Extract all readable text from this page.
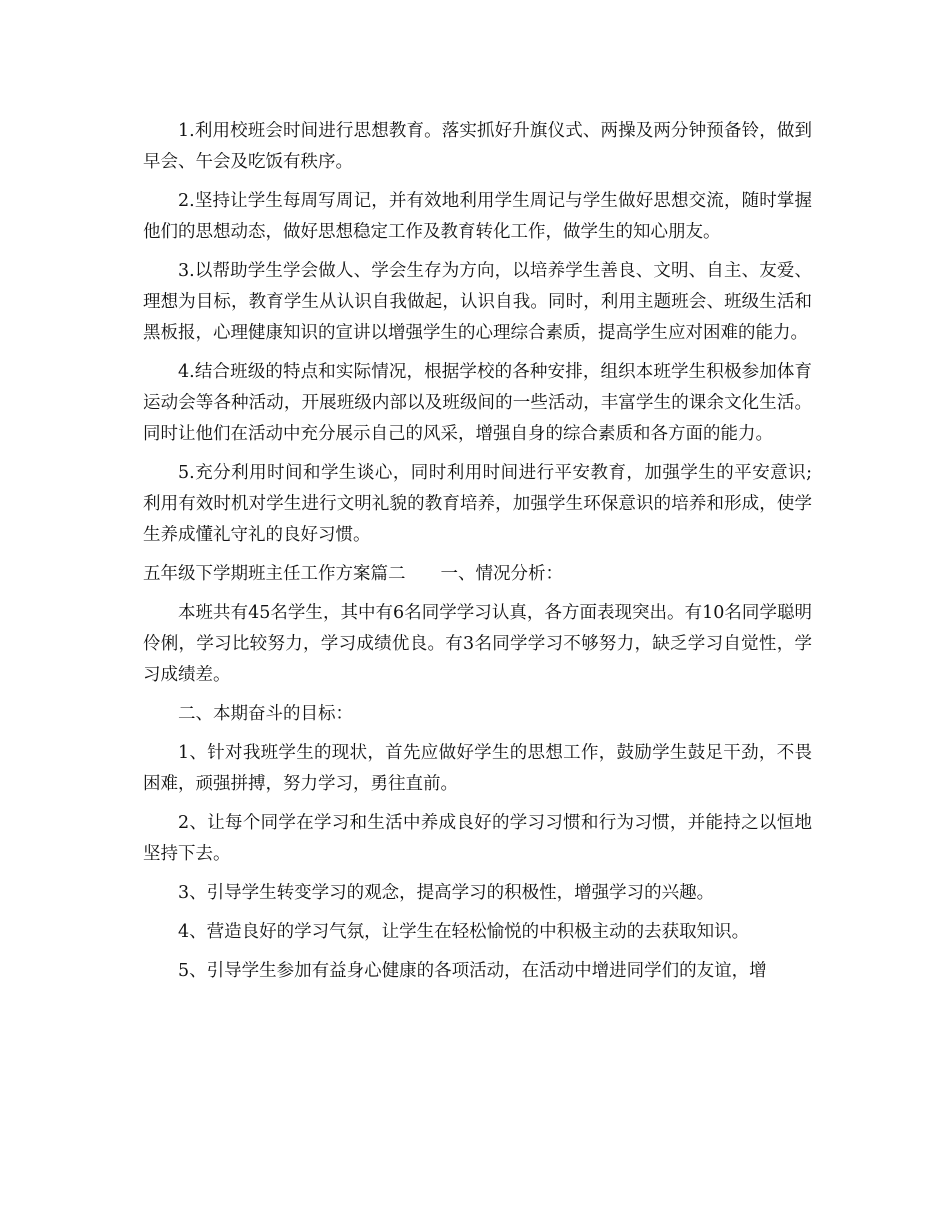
1.利用校班会时间进行思想教育。落实抓好升旗仪式、两操及两分钟预备铃，做到早会、午会及吃饭有秩序。

2.坚持让学生每周写周记，并有效地利用学生周记与学生做好思想交流，随时掌握他们的思想动态，做好思想稳定工作及教育转化工作，做学生的知心朋友。

3.以帮助学生学会做人、学会生存为方向，以培养学生善良、文明、自主、友爱、理想为目标，教育学生从认识自我做起，认识自我。同时，利用主题班会、班级生活和黑板报，心理健康知识的宣讲以增强学生的心理综合素质，提高学生应对困难的能力。

4.结合班级的特点和实际情况，根据学校的各种安排，组织本班学生积极参加体育运动会等各种活动，开展班级内部以及班级间的一些活动，丰富学生的课余文化生活。同时让他们在活动中充分展示自己的风采，增强自身的综合素质和各方面的能力。

5.充分利用时间和学生谈心，同时利用时间进行平安教育，加强学生的平安意识;利用有效时机对学生进行文明礼貌的教育培养，加强学生环保意识的培养和形成，使学生养成懂礼守礼的良好习惯。

五年级下学期班主任工作方案篇二　　一、情况分析：

本班共有45名学生，其中有6名同学学习认真，各方面表现突出。有10名同学聪明伶俐，学习比较努力，学习成绩优良。有3名同学学习不够努力，缺乏学习自觉性，学习成绩差。

二、本期奋斗的目标：

1、针对我班学生的现状，首先应做好学生的思想工作，鼓励学生鼓足干劲，不畏困难，顽强拼搏，努力学习，勇往直前。

2、让每个同学在学习和生活中养成良好的学习习惯和行为习惯，并能持之以恒地坚持下去。

3、引导学生转变学习的观念，提高学习的积极性，增强学习的兴趣。

4、营造良好的学习气氛，让学生在轻松愉悦的中积极主动的去获取知识。

5、引导学生参加有益身心健康的各项活动，在活动中增进同学们的友谊，增
